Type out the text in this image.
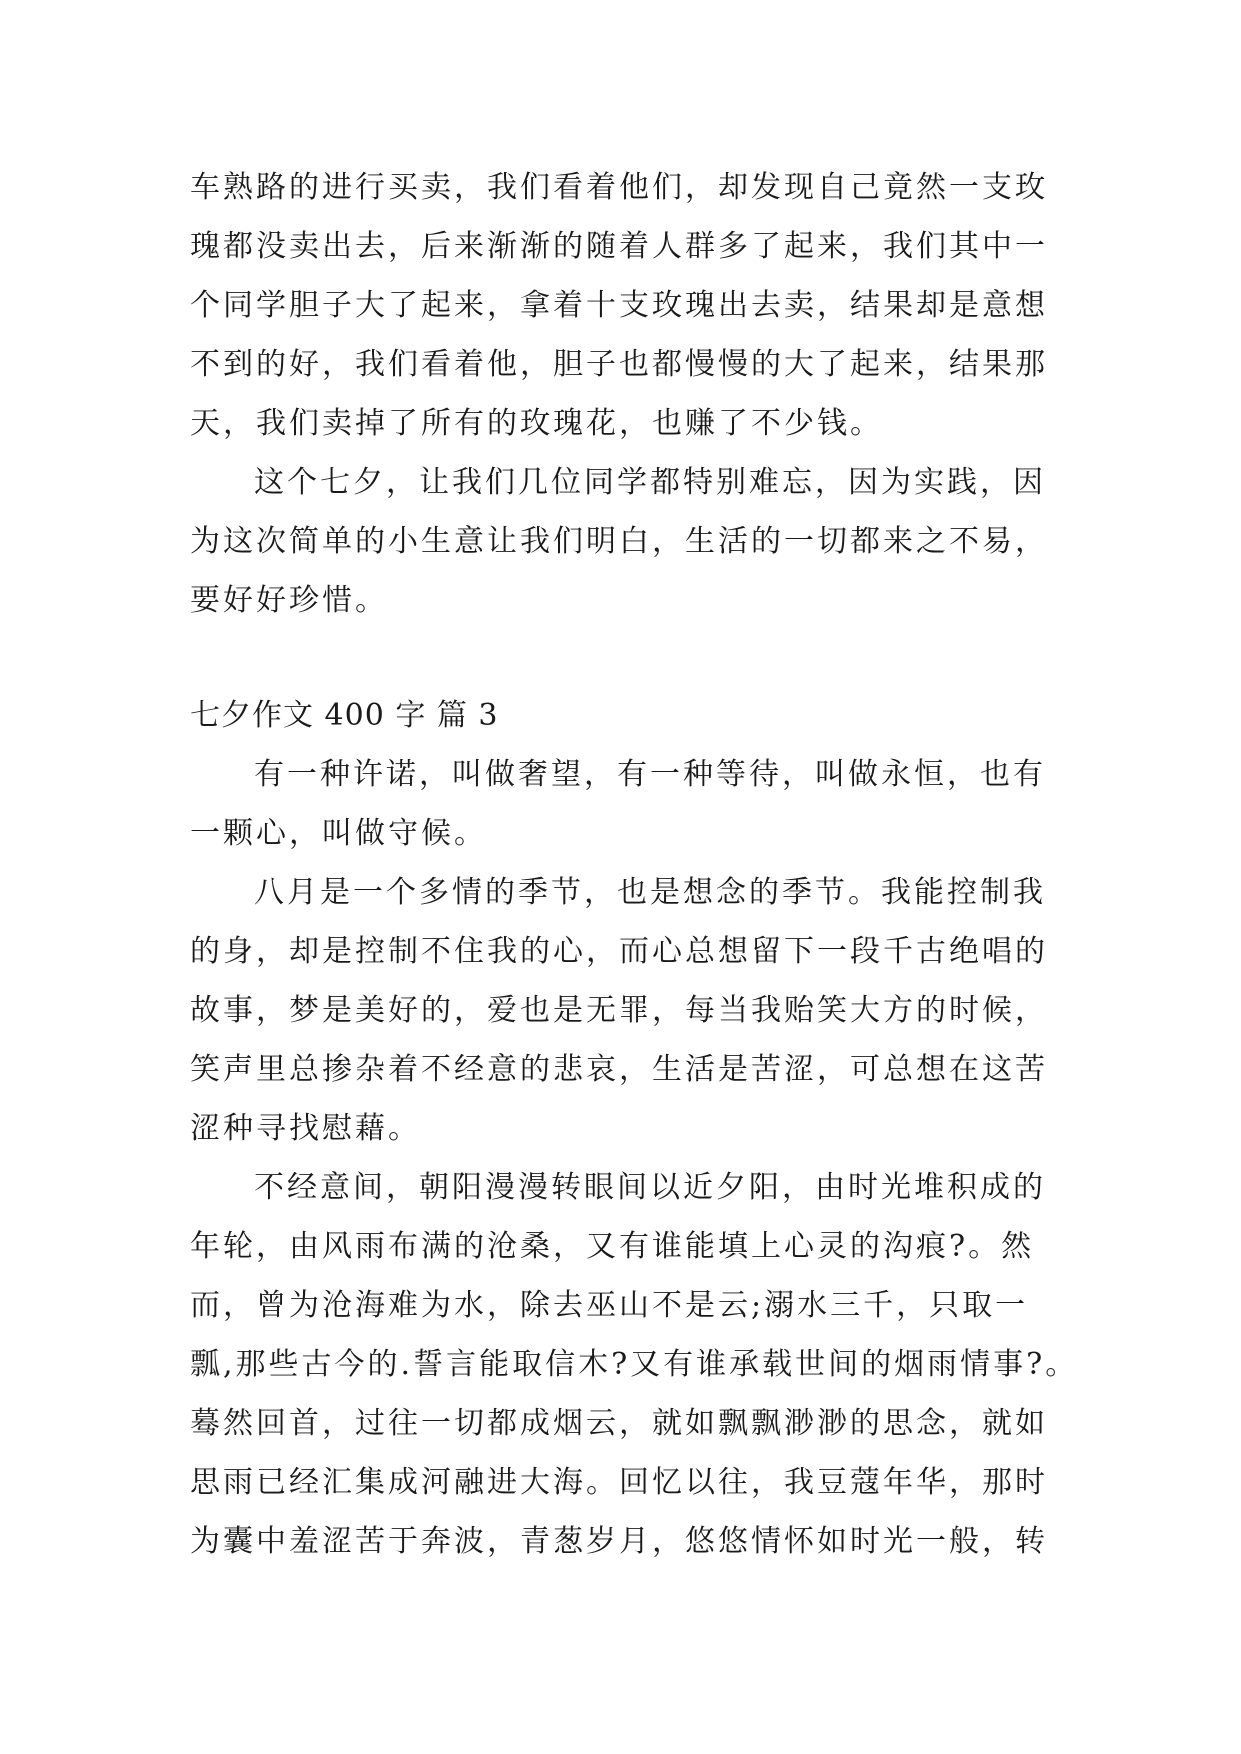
车熟路的进行买卖，我们看着他们，却发现自己竟然一支玫
瑰都没卖出去，后来渐渐的随着人群多了起来，我们其中一
个同学胆子大了起来，拿着十支玫瑰出去卖，结果却是意想
不到的好，我们看着他，胆子也都慢慢的大了起来，结果那
天，我们卖掉了所有的玫瑰花，也赚了不少钱。
这个七夕，让我们几位同学都特别难忘，因为实践，因
为这次简单的小生意让我们明白，生活的一切都来之不易，
要好好珍惜。
七夕作文 400 字 篇 3
有一种许诺，叫做奢望，有一种等待，叫做永恒，也有
一颗心，叫做守候。
八月是一个多情的季节，也是想念的季节。我能控制我
的身，却是控制不住我的心，而心总想留下一段千古绝唱的
故事，梦是美好的，爱也是无罪，每当我贻笑大方的时候，
笑声里总掺杂着不经意的悲哀，生活是苦涩，可总想在这苦
涩种寻找慰藉。
不经意间，朝阳漫漫转眼间以近夕阳，由时光堆积成的
年轮，由风雨布满的沧桑，又有谁能填上心灵的沟痕?。然
而，曾为沧海难为水，除去巫山不是云;溺水三千，只取一
瓢,那些古今的.誓言能取信木?又有谁承载世间的烟雨情事?。
蓦然回首，过往一切都成烟云，就如飘飘渺渺的思念，就如
思雨已经汇集成河融进大海。回忆以往，我豆蔻年华，那时
为囊中羞涩苦于奔波，青葱岁月，悠悠情怀如时光一般，转
